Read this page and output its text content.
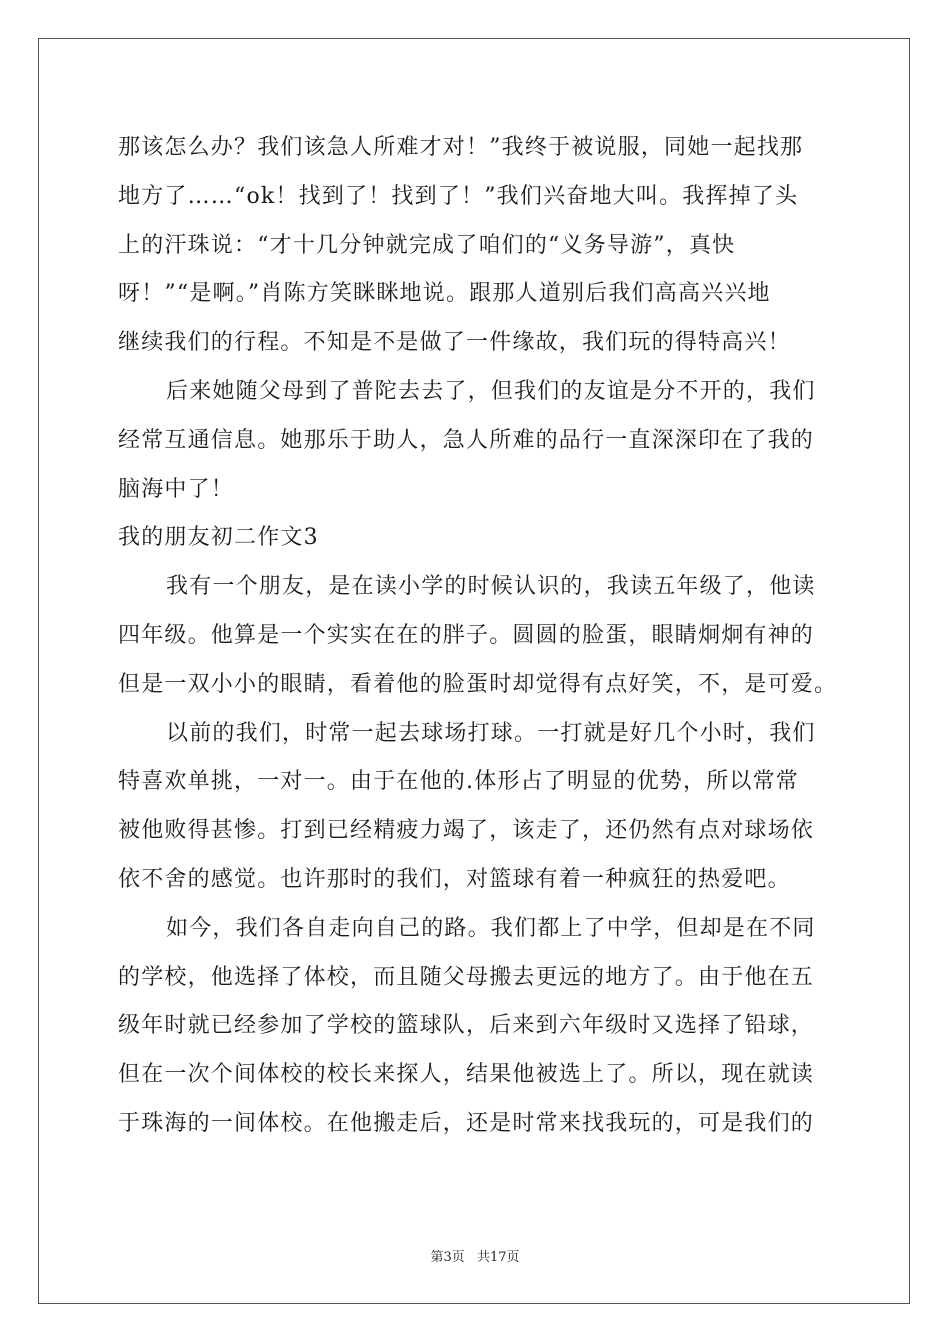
那该怎么办？我们该急人所难才对！”我终于被说服，同她一起找那
地方了……“ok！找到了！找到了！”我们兴奋地大叫。我挥掉了头
上的汗珠说：“才十几分钟就完成了咱们的“义务导游”，真快
呀！”“是啊。”肖陈方笑眯眯地说。跟那人道别后我们高高兴兴地
继续我们的行程。不知是不是做了一件缘故，我们玩的得特高兴！
后来她随父母到了普陀去去了，但我们的友谊是分不开的，我们
经常互通信息。她那乐于助人，急人所难的品行一直深深印在了我的
脑海中了！
我的朋友初二作文3
我有一个朋友，是在读小学的时候认识的，我读五年级了，他读
四年级。他算是一个实实在在的胖子。圆圆的脸蛋，眼睛炯炯有神的
但是一双小小的眼睛，看着他的脸蛋时却觉得有点好笑，不，是可爱。
以前的我们，时常一起去球场打球。一打就是好几个小时，我们
特喜欢单挑，一对一。由于在他的.体形占了明显的优势，所以常常
被他败得甚惨。打到已经精疲力竭了，该走了，还仍然有点对球场依
依不舍的感觉。也许那时的我们，对篮球有着一种疯狂的热爱吧。
如今，我们各自走向自己的路。我们都上了中学，但却是在不同
的学校，他选择了体校，而且随父母搬去更远的地方了。由于他在五
级年时就已经参加了学校的篮球队，后来到六年级时又选择了铅球，
但在一次个间体校的校长来探人，结果他被选上了。所以，现在就读
于珠海的一间体校。在他搬走后，还是时常来找我玩的，可是我们的
第3页 共17页
